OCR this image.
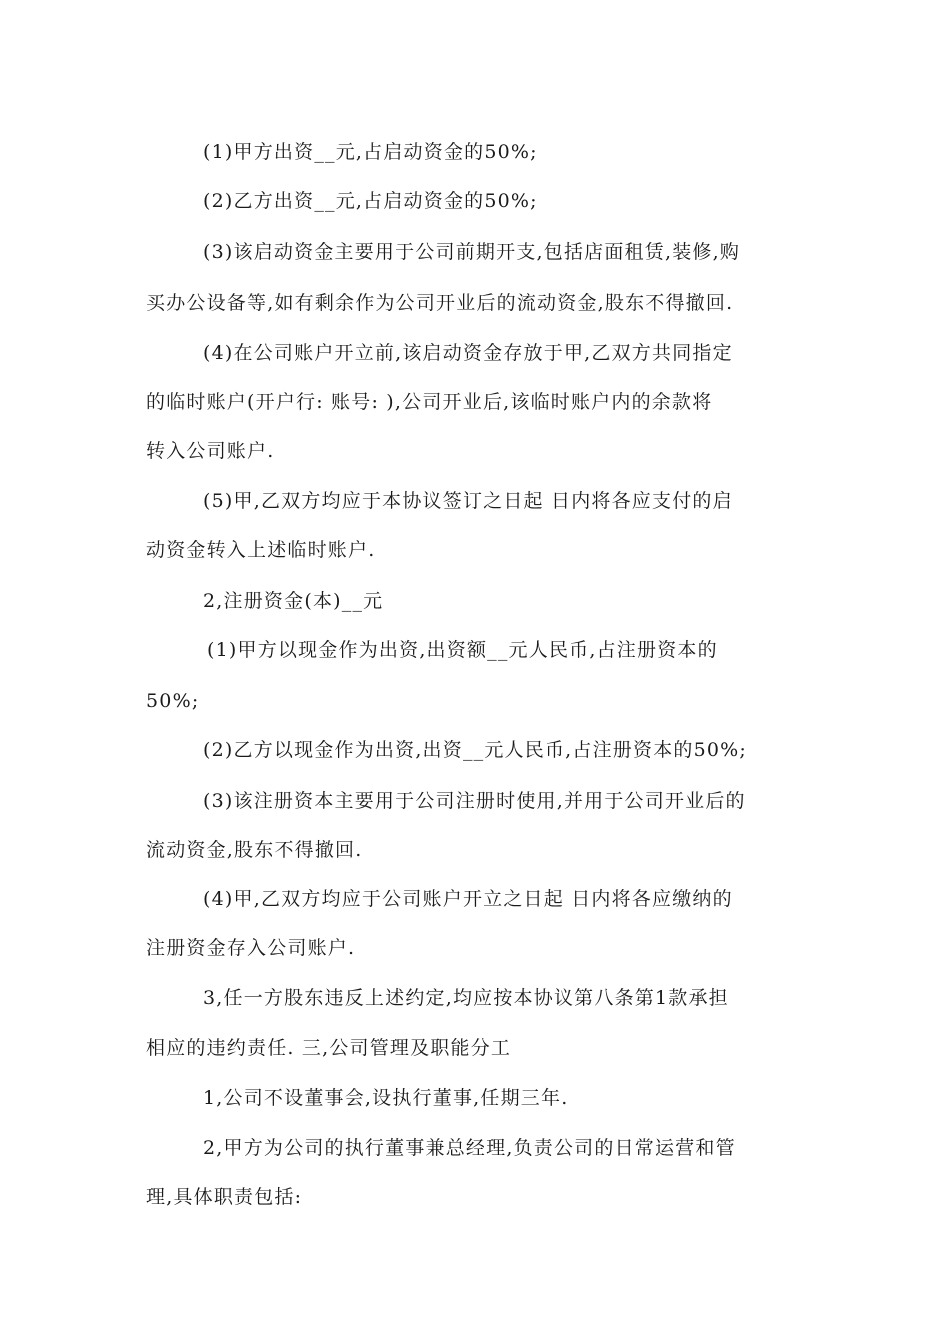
(1)甲方出资__元,占启动资金的50%;
(2)乙方出资__元,占启动资金的50%;
(3)该启动资金主要用于公司前期开支,包括店面租赁,装修,购
买办公设备等,如有剩余作为公司开业后的流动资金,股东不得撤回.
(4)在公司账户开立前,该启动资金存放于甲,乙双方共同指定
的临时账户(开户行: 账号: ),公司开业后,该临时账户内的余款将
转入公司账户.
(5)甲,乙双方均应于本协议签订之日起 日内将各应支付的启
动资金转入上述临时账户.
2,注册资金(本)__元
(1)甲方以现金作为出资,出资额__元人民币,占注册资本的
50%;
(2)乙方以现金作为出资,出资__元人民币,占注册资本的50%;
(3)该注册资本主要用于公司注册时使用,并用于公司开业后的
流动资金,股东不得撤回.
(4)甲,乙双方均应于公司账户开立之日起 日内将各应缴纳的
注册资金存入公司账户.
3,任一方股东违反上述约定,均应按本协议第八条第1款承担
相应的违约责任. 三,公司管理及职能分工
1,公司不设董事会,设执行董事,任期三年.
2,甲方为公司的执行董事兼总经理,负责公司的日常运营和管
理,具体职责包括:
